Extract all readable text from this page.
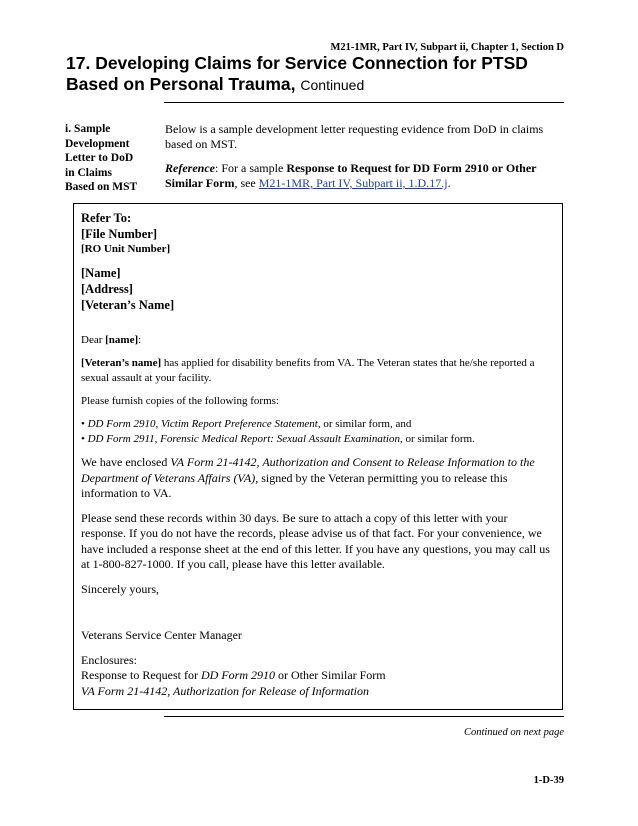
M21-1MR, Part IV, Subpart ii, Chapter 1, Section D
17. Developing Claims for Service Connection for PTSD Based on Personal Trauma, Continued
i. Sample
Development
Letter to DoD
in Claims
Based on MST

Below is a sample development letter requesting evidence from DoD in claims based on MST.

Reference: For a sample Response to Request for DD Form 2910 or Other Similar Form, see M21-1MR, Part IV, Subpart ii, 1.D.17.j.

Refer To:

[File Number]

[RO Unit Number]

[Name]

[Address]

[Veteran’s Name]

Dear [name]:

[Veteran’s name] has applied for disability benefits from VA. The Veteran states that he/she reported a sexual assault at your facility.

Please furnish copies of the following forms:

• DD Form 2910, Victim Report Preference Statement, or similar form, and

• DD Form 2911, Forensic Medical Report: Sexual Assault Examination, or similar form.

We have enclosed VA Form 21-4142, Authorization and Consent to Release Information to the Department of Veterans Affairs (VA), signed by the Veteran permitting you to release this information to VA.

Please send these records within 30 days. Be sure to attach a copy of this letter with your response. If you do not have the records, please advise us of that fact. For your convenience, we have included a response sheet at the end of this letter. If you have any questions, you may call us at 1-800-827-1000. If you call, please have this letter available.

Sincerely yours,

Veterans Service Center Manager

Enclosures:

Response to Request for DD Form 2910 or Other Similar Form

VA Form 21-4142, Authorization for Release of Information

Continued on next page
1-D-39
